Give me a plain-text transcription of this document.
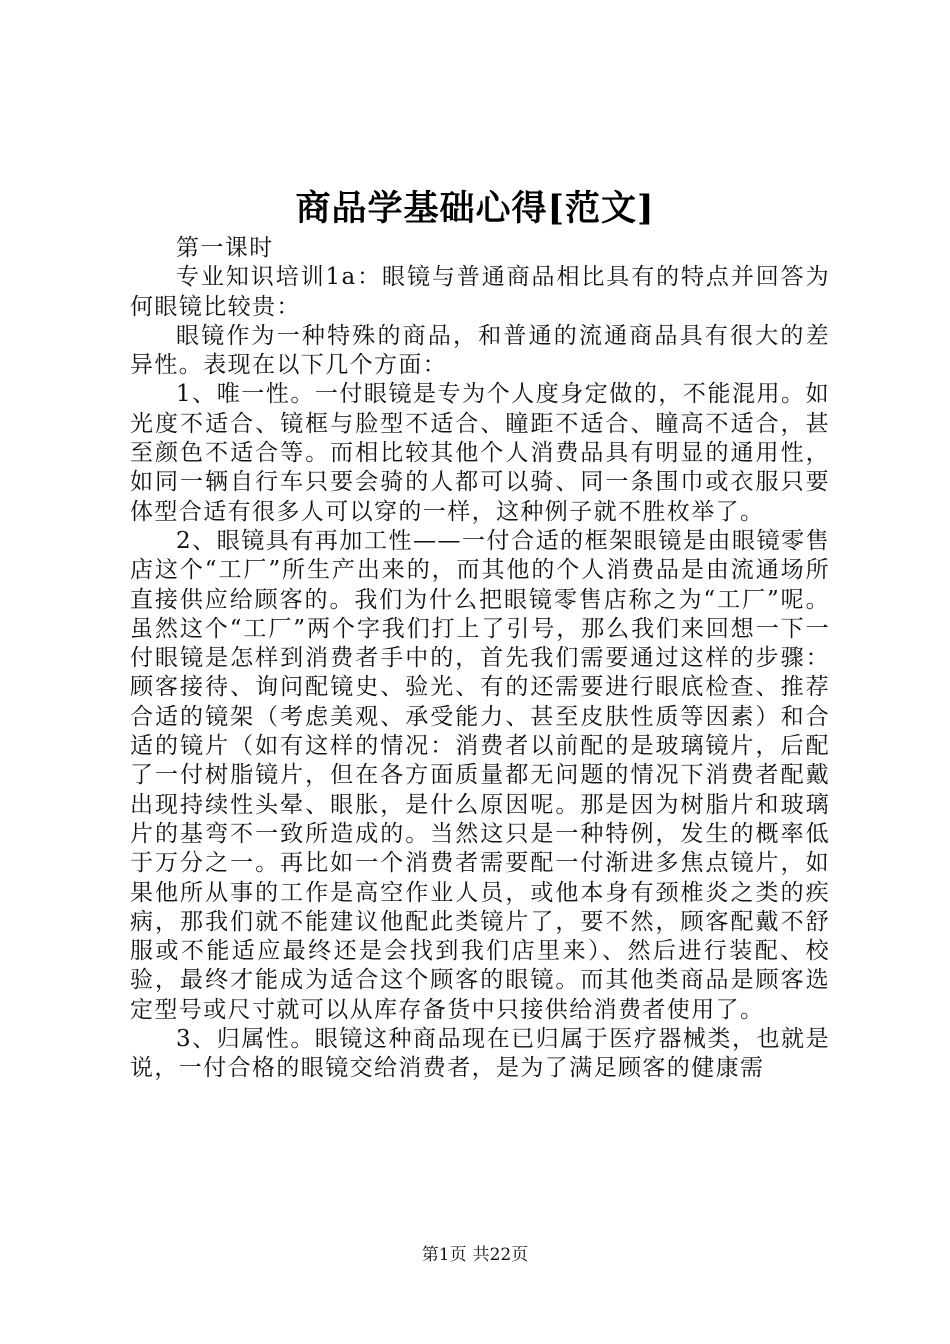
商品学基础心得[范文]

第一课时

专业知识培训1a：眼镜与普通商品相比具有的特点并回答为何眼镜比较贵：

眼镜作为一种特殊的商品，和普通的流通商品具有很大的差异性。表现在以下几个方面：

1、唯一性。一付眼镜是专为个人度身定做的，不能混用。如光度不适合、镜框与脸型不适合、瞳距不适合、瞳高不适合，甚至颜色不适合等。而相比较其他个人消费品具有明显的通用性，如同一辆自行车只要会骑的人都可以骑、同一条围巾或衣服只要体型合适有很多人可以穿的一样，这种例子就不胜枚举了。

2、眼镜具有再加工性——一付合适的框架眼镜是由眼镜零售店这个“工厂”所生产出来的，而其他的个人消费品是由流通场所直接供应给顾客的。我们为什么把眼镜零售店称之为“工厂”呢。虽然这个“工厂”两个字我们打上了引号，那么我们来回想一下一付眼镜是怎样到消费者手中的，首先我们需要通过这样的步骤：顾客接待、询问配镜史、验光、有的还需要进行眼底检查、推荐合适的镜架（考虑美观、承受能力、甚至皮肤性质等因素）和合适的镜片（如有这样的情况：消费者以前配的是玻璃镜片，后配了一付树脂镜片，但在各方面质量都无问题的情况下消费者配戴出现持续性头晕、眼胀，是什么原因呢。那是因为树脂片和玻璃片的基弯不一致所造成的。当然这只是一种特例，发生的概率低于万分之一。再比如一个消费者需要配一付渐进多焦点镜片，如果他所从事的工作是高空作业人员，或他本身有颈椎炎之类的疾病，那我们就不能建议他配此类镜片了，要不然，顾客配戴不舒服或不能适应最终还是会找到我们店里来）、然后进行装配、校验，最终才能成为适合这个顾客的眼镜。而其他类商品是顾客选定型号或尺寸就可以从库存备货中只接供给消费者使用了。

3、归属性。眼镜这种商品现在已归属于医疗器械类，也就是说，一付合格的眼镜交给消费者，是为了满足顾客的健康需

第1页 共22页
